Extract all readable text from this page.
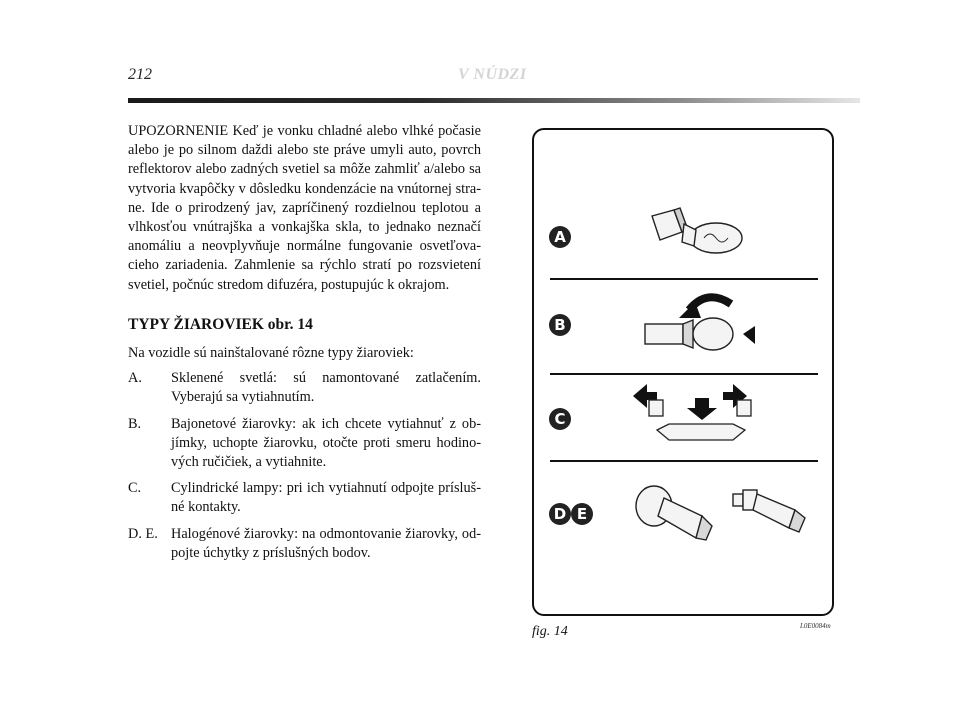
212	V NÚDZI

UPOZORNENIE Keď je vonku chladné alebo vlhké počasie alebo je po silnom daždi alebo ste práve umyli auto, povrch reflektorov alebo zadných svetiel sa môže zahmliť a/alebo sa vytvoria kvapôčky v dôsledku kondenzácie na vnútornej stra-ne. Ide o prirodzený jav, zapríčinený rozdielnou teplotou a vlhkosťou vnútrajška a vonkajška skla, to jednako neznačí anomáliu a neovplyvňuje normálne fungovanie osvetľova-cieho zariadenia. Zahmlenie sa rýchlo stratí po rozsvietení svetiel, počnúc stredom difuzéra, postupujúc k okrajom.

TYPY ŽIAROVIEK obr. 14

Na vozidle sú nainštalované rôzne typy žiaroviek:

A.	Sklenené svetlá: sú namontované zatlačením. Vyberajú sa vytiahnutím.
B.	Bajonetové žiarovky: ak ich chcete vytiahnuť z ob-jímky, uchopte žiarovku, otočte proti smeru hodino-vých ručičiek, a vytiahnite.
C.	Cylindrické lampy: pri ich vytiahnutí odpojte prísluš-né kontakty.
D. E. Halogénové žiarovky: na odmontovanie žiarovky, od-pojte úchytky z príslušných bodov.
A
B
C
D E
fig. 14	L0E0084m
